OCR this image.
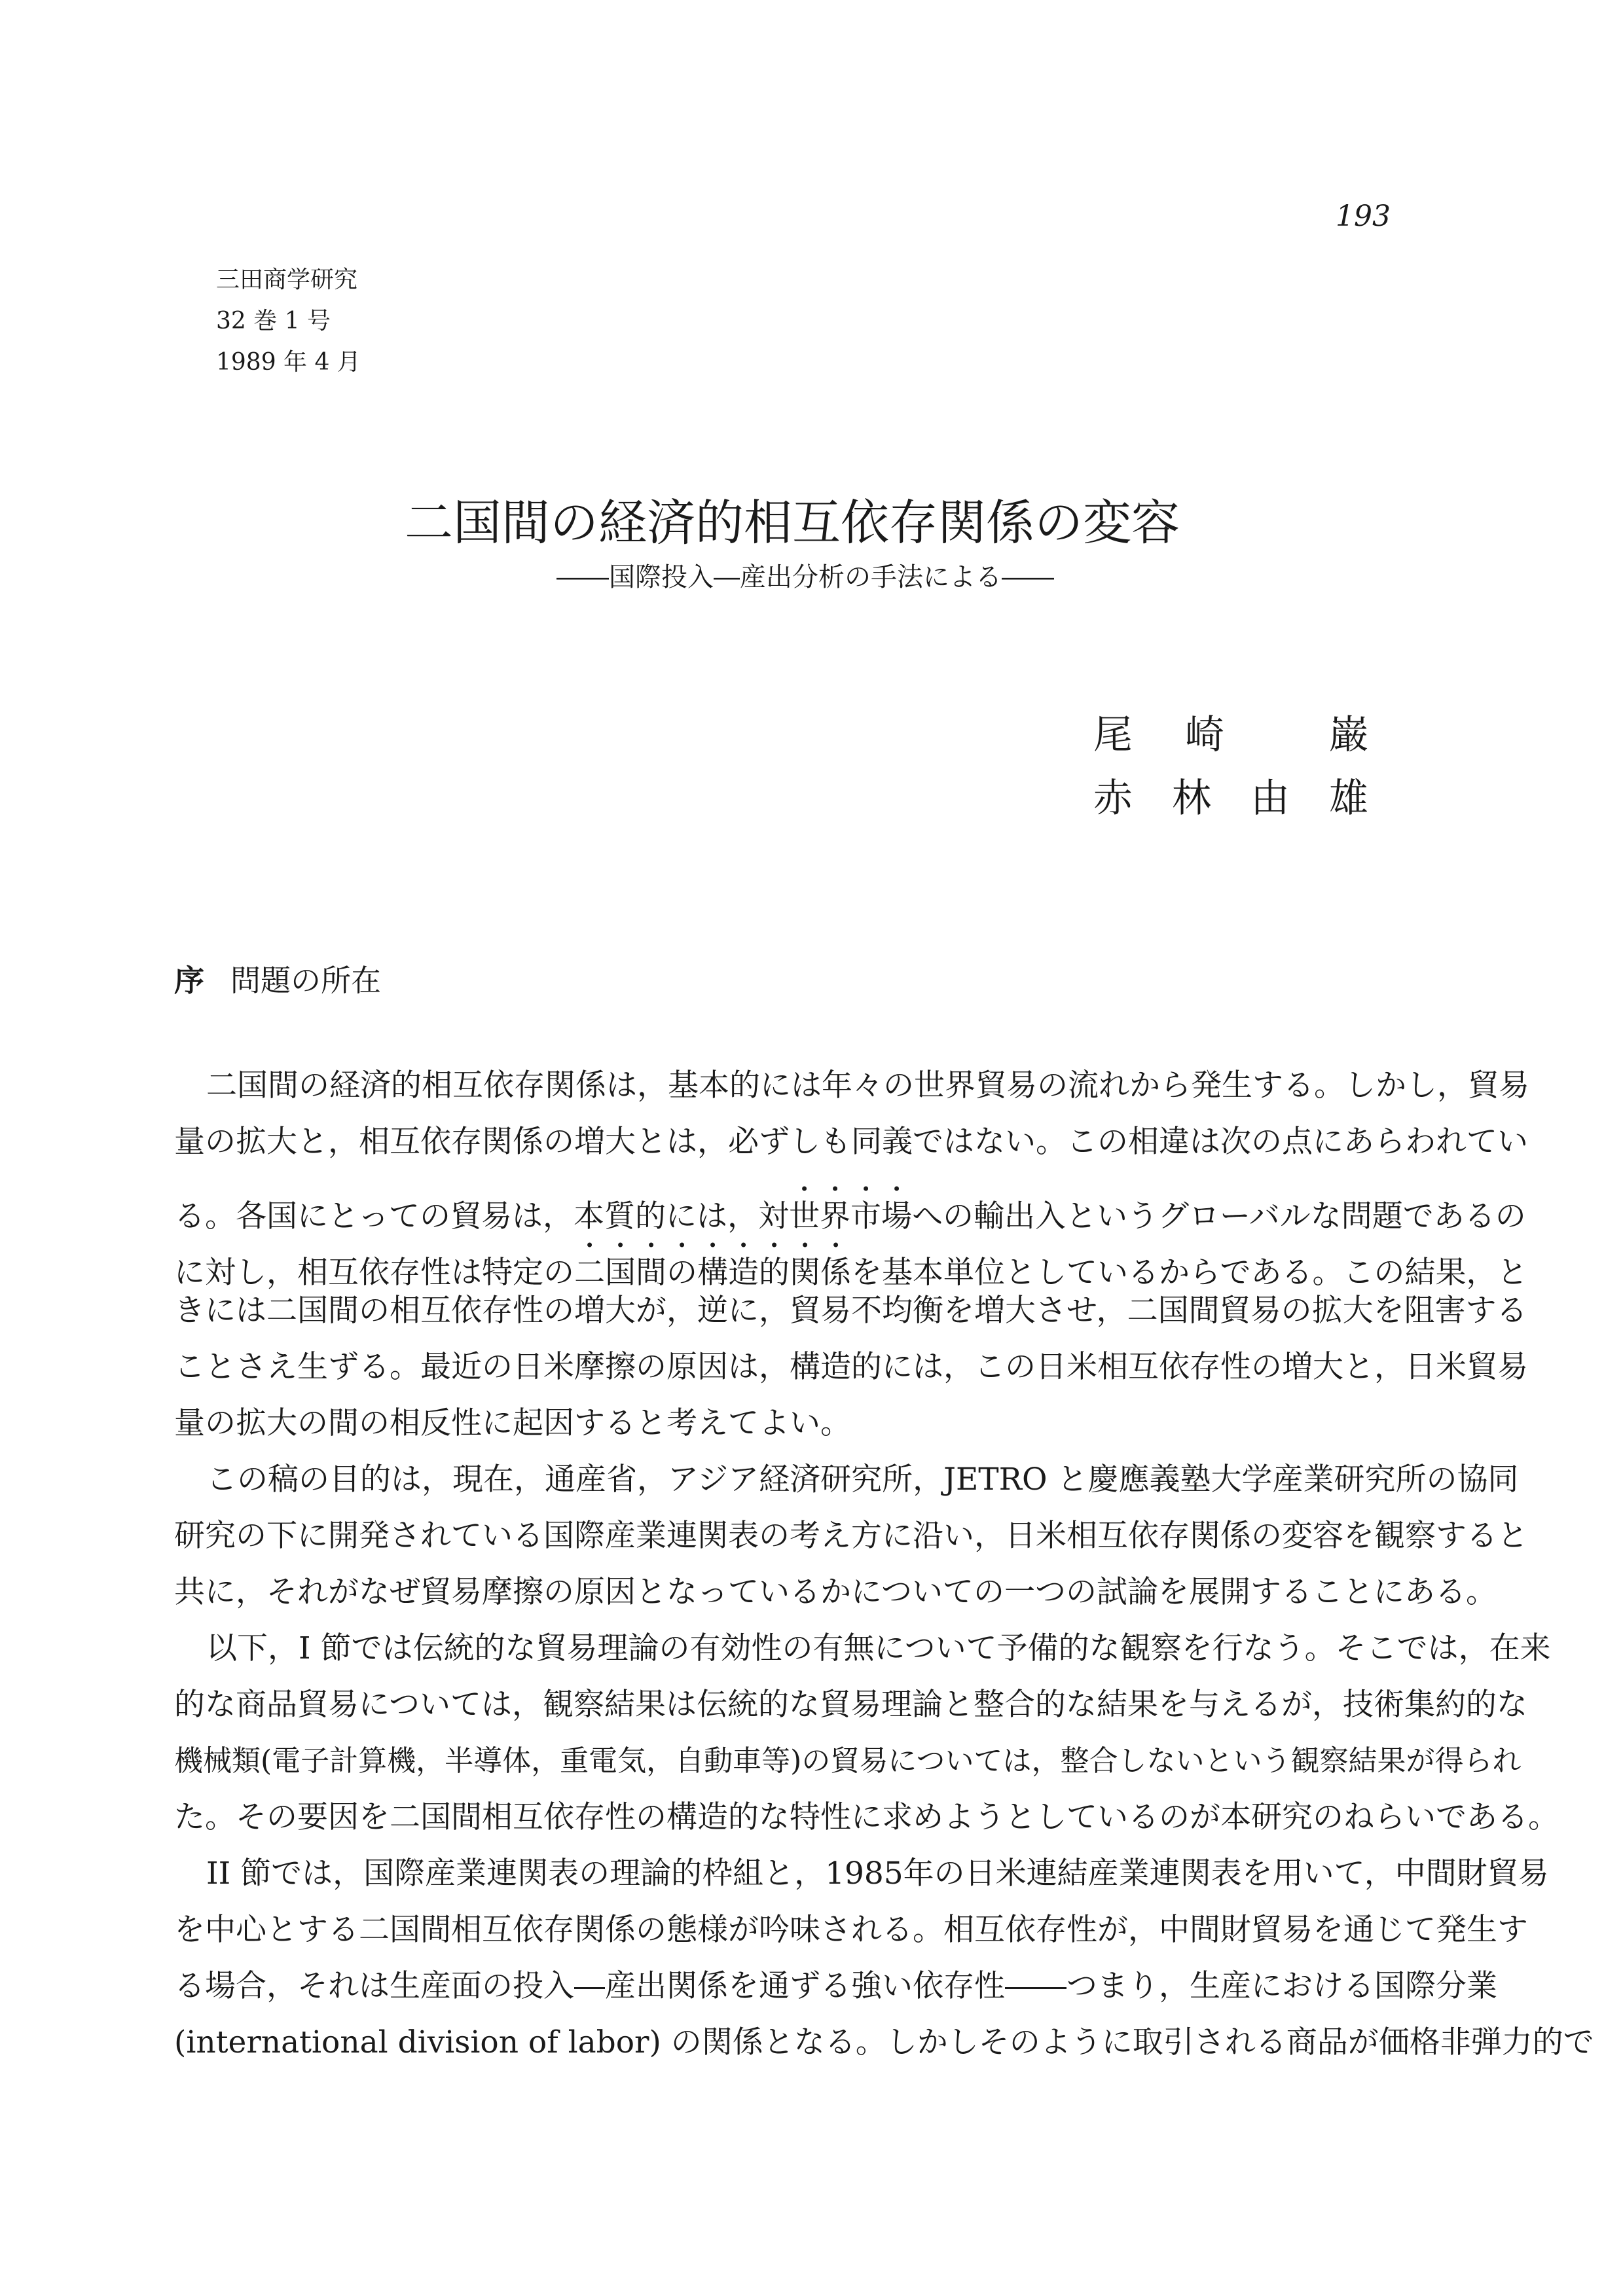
193
三田商学研究
32 巻 1 号
1989 年 4 月
二国間の経済的相互依存関係の変容
――国際投入―産出分析の手法による――
尾 崎	巌
赤 林 由 雄
序 問題の所在
二国間の経済的相互依存関係は，基本的には年々の世界貿易の流れから発生する。しかし，貿易
量の拡大と，相互依存関係の増大とは，必ずしも同義ではない。この相違は次の点にあらわれてい
る。各国にとっての貿易は，本質的には，対世界市場への輸出入というグローバルな問題であるの
に対し，相互依存性は特定の二国間の構造的関係を基本単位としているからである。この結果，と
きには二国間の相互依存性の増大が，逆に，貿易不均衡を増大させ，二国間貿易の拡大を阻害する
ことさえ生ずる。最近の日米摩擦の原因は，構造的には，この日米相互依存性の増大と，日米貿易
量の拡大の間の相反性に起因すると考えてよい。
この稿の目的は，現在，通産省，アジア経済研究所，JETRO と慶應義塾大学産業研究所の協同
研究の下に開発されている国際産業連関表の考え方に沿い，日米相互依存関係の変容を観察すると
共に，それがなぜ貿易摩擦の原因となっているかについての一つの試論を展開することにある。
以下，I 節では伝統的な貿易理論の有効性の有無について予備的な観察を行なう。そこでは，在来
的な商品貿易については，観察結果は伝統的な貿易理論と整合的な結果を与えるが，技術集約的な
機械類(電子計算機，半導体，重電気，自動車等)の貿易については，整合しないという観察結果が得られ
た。その要因を二国間相互依存性の構造的な特性に求めようとしているのが本研究のねらいである。
II 節では，国際産業連関表の理論的枠組と，1985年の日米連結産業連関表を用いて，中間財貿易
を中心とする二国間相互依存関係の態様が吟味される。相互依存性が，中間財貿易を通じて発生す
る場合，それは生産面の投入―産出関係を通ずる強い依存性――つまり，生産における国際分業
(international division of labor) の関係となる。しかしそのように取引される商品が価格非弾力的で
